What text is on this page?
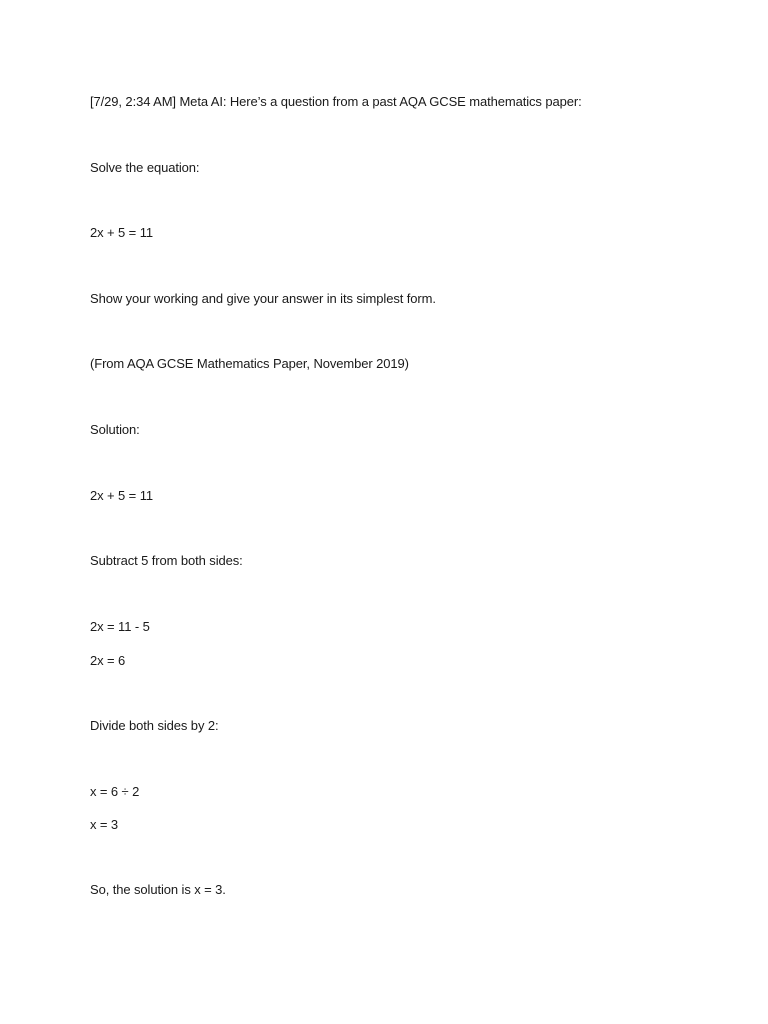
[7/29, 2:34 AM] Meta AI: Here’s a question from a past AQA GCSE mathematics paper:
Solve the equation:
2x + 5 = 11
Show your working and give your answer in its simplest form.
(From AQA GCSE Mathematics Paper, November 2019)
Solution:
2x + 5 = 11
Subtract 5 from both sides:
2x = 11 - 5
2x = 6
Divide both sides by 2:
x = 6 ÷ 2
x = 3
So, the solution is x = 3.
